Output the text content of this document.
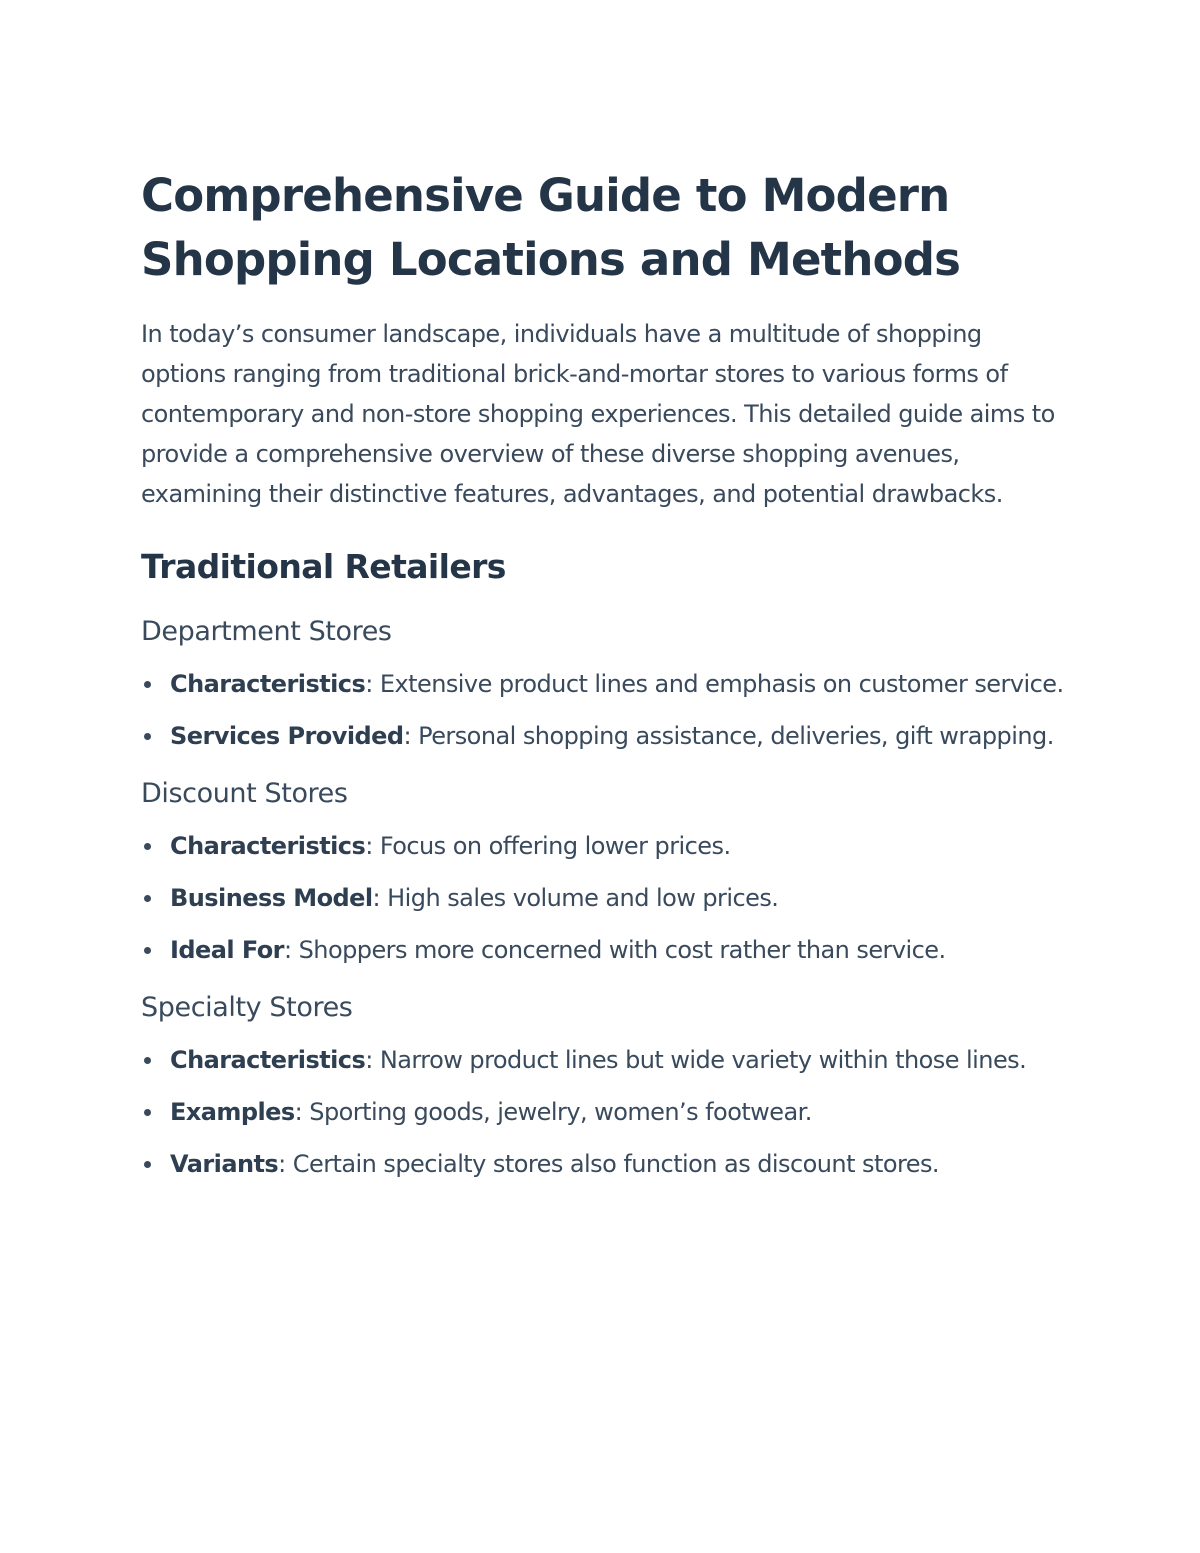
Comprehensive Guide to Modern Shopping Locations and Methods

In today’s consumer landscape, individuals have a multitude of shopping options ranging from traditional brick-and-mortar stores to various forms of contemporary and non-store shopping experiences. This detailed guide aims to provide a comprehensive overview of these diverse shopping avenues, examining their distinctive features, advantages, and potential drawbacks.

Traditional Retailers
Department Stores
Characteristics: Extensive product lines and emphasis on customer service.
Services Provided: Personal shopping assistance, deliveries, gift wrapping.
Discount Stores
Characteristics: Focus on offering lower prices.
Business Model: High sales volume and low prices.
Ideal For: Shoppers more concerned with cost rather than service.
Specialty Stores
Characteristics: Narrow product lines but wide variety within those lines.
Examples: Sporting goods, jewelry, women’s footwear.
Variants: Certain specialty stores also function as discount stores.
